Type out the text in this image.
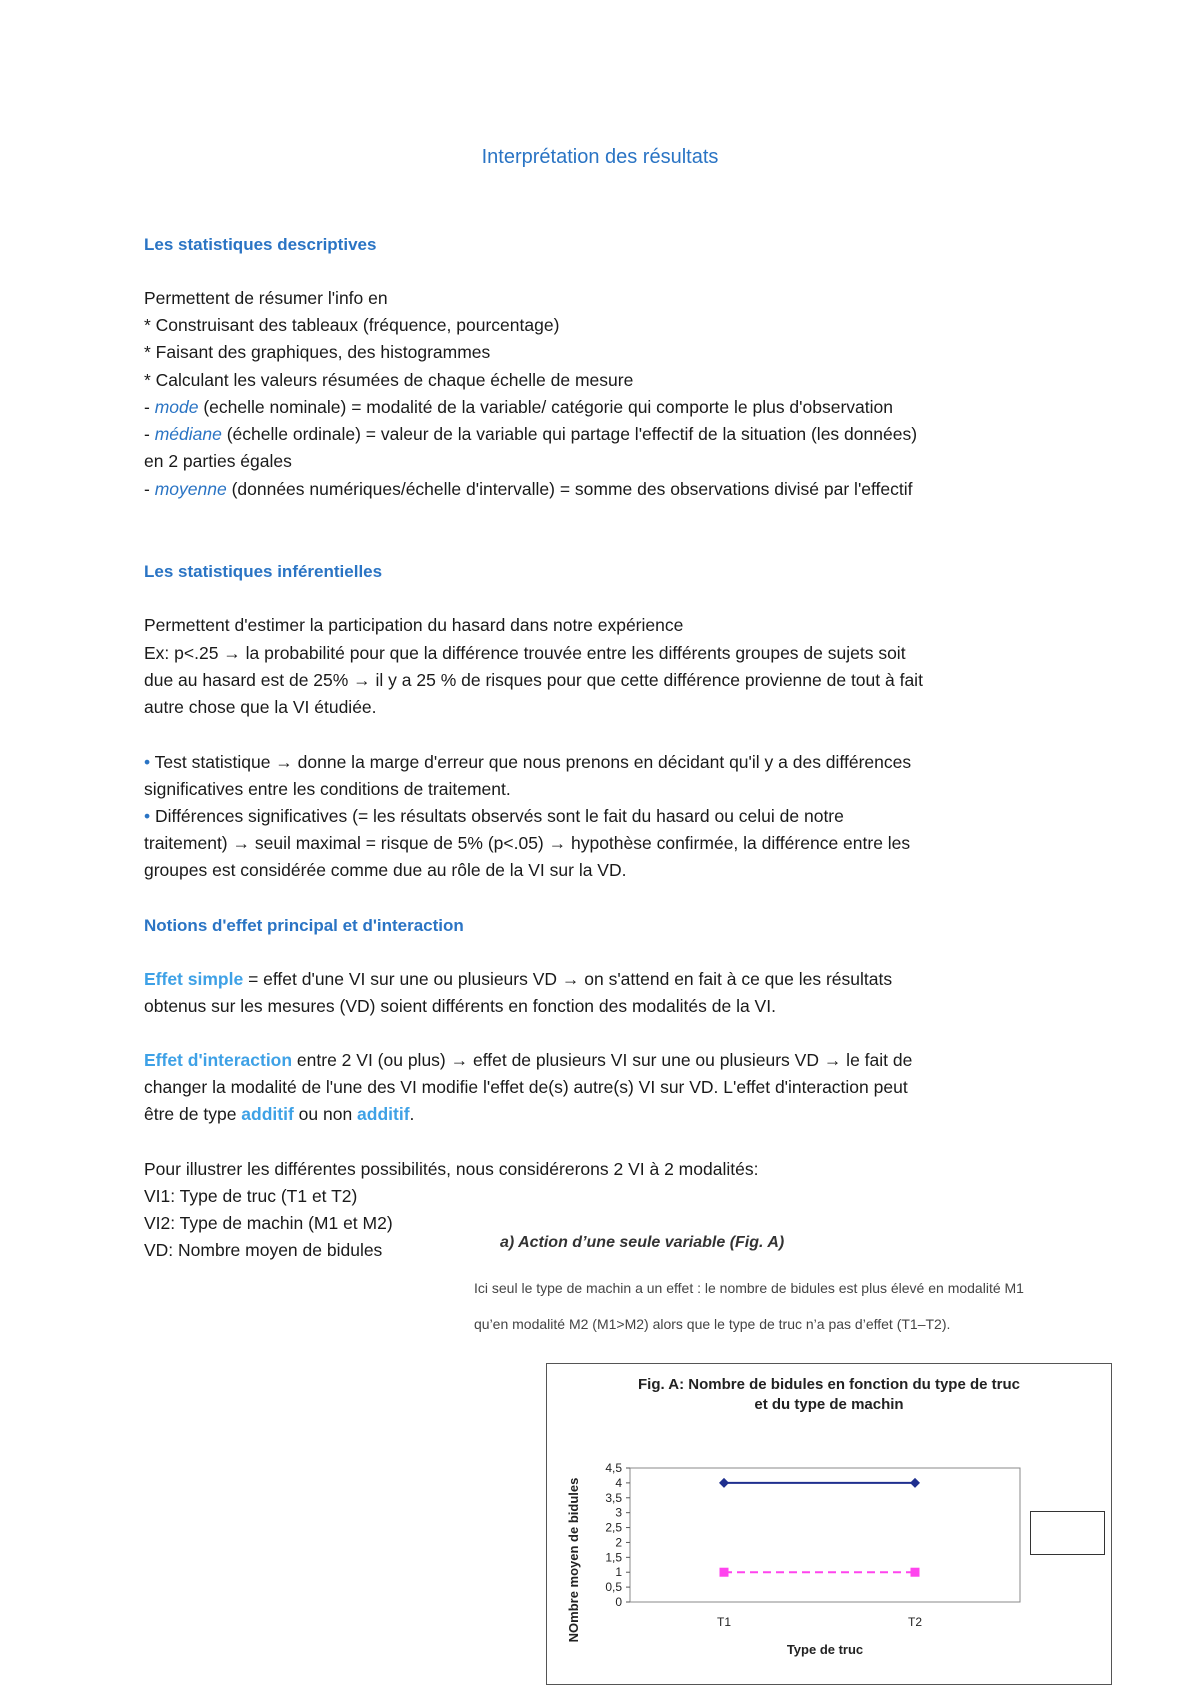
Interprétation des résultats
Les statistiques descriptives
Permettent de résumer l'info en
* Construisant des tableaux (fréquence, pourcentage)
* Faisant des graphiques, des histogrammes
* Calculant les valeurs résumées de chaque échelle de mesure
- mode (echelle nominale) = modalité de la variable/ catégorie qui comporte le plus d'observation
- médiane (échelle ordinale) = valeur de la variable qui partage l'effectif de la situation (les données)
en 2 parties égales
- moyenne (données numériques/échelle d'intervalle) = somme des observations divisé par l'effectif
Les statistiques inférentielles
Permettent d'estimer la participation du hasard dans notre expérience
Ex: p<.25 → la probabilité pour que la différence trouvée entre les différents groupes de sujets soit
due au hasard est de 25% → il y a 25 % de risques pour que cette différence provienne de tout à fait
autre chose que la VI étudiée.
• Test statistique → donne la marge d'erreur que nous prenons en décidant qu'il y a des différences
significatives entre les conditions de traitement.
• Différences significatives (= les résultats observés sont le fait du hasard ou celui de notre
traitement) → seuil maximal = risque de 5% (p<.05) → hypothèse confirmée, la différence entre les
groupes est considérée comme due au rôle de la VI sur la VD.
Notions d'effet principal et d'interaction
Effet simple = effet d'une VI sur une ou plusieurs VD → on s'attend en fait à ce que les résultats
obtenus sur les mesures (VD) soient différents en fonction des modalités de la VI.
Effet d'interaction entre 2 VI (ou plus) → effet de plusieurs VI sur une ou plusieurs VD → le fait de
changer la modalité de l'une des VI modifie l'effet de(s) autre(s) VI sur VD. L'effet d'interaction peut
être de type additif ou non additif.
Pour illustrer les différentes possibilités, nous considérerons 2 VI à 2 modalités:
VI1: Type de truc (T1 et T2)
VI2: Type de machin (M1 et M2)
VD: Nombre moyen de bidules	a) Action d’une seule variable (Fig. A)
Ici seul le type de machin a un effet : le nombre de bidules est plus élevé en modalité M1
qu’en modalité M2 (M1>M2) alors que le type de truc n’a pas d’effet (T1–T2).
Fig. A: Nombre de bidules en fonction du type de truc
et du type de machin
0
0,5
1
1,5
2
2,5
3
3,5
4
4,5
T1	T2
Type de truc
NOmbre moyen de bidules
